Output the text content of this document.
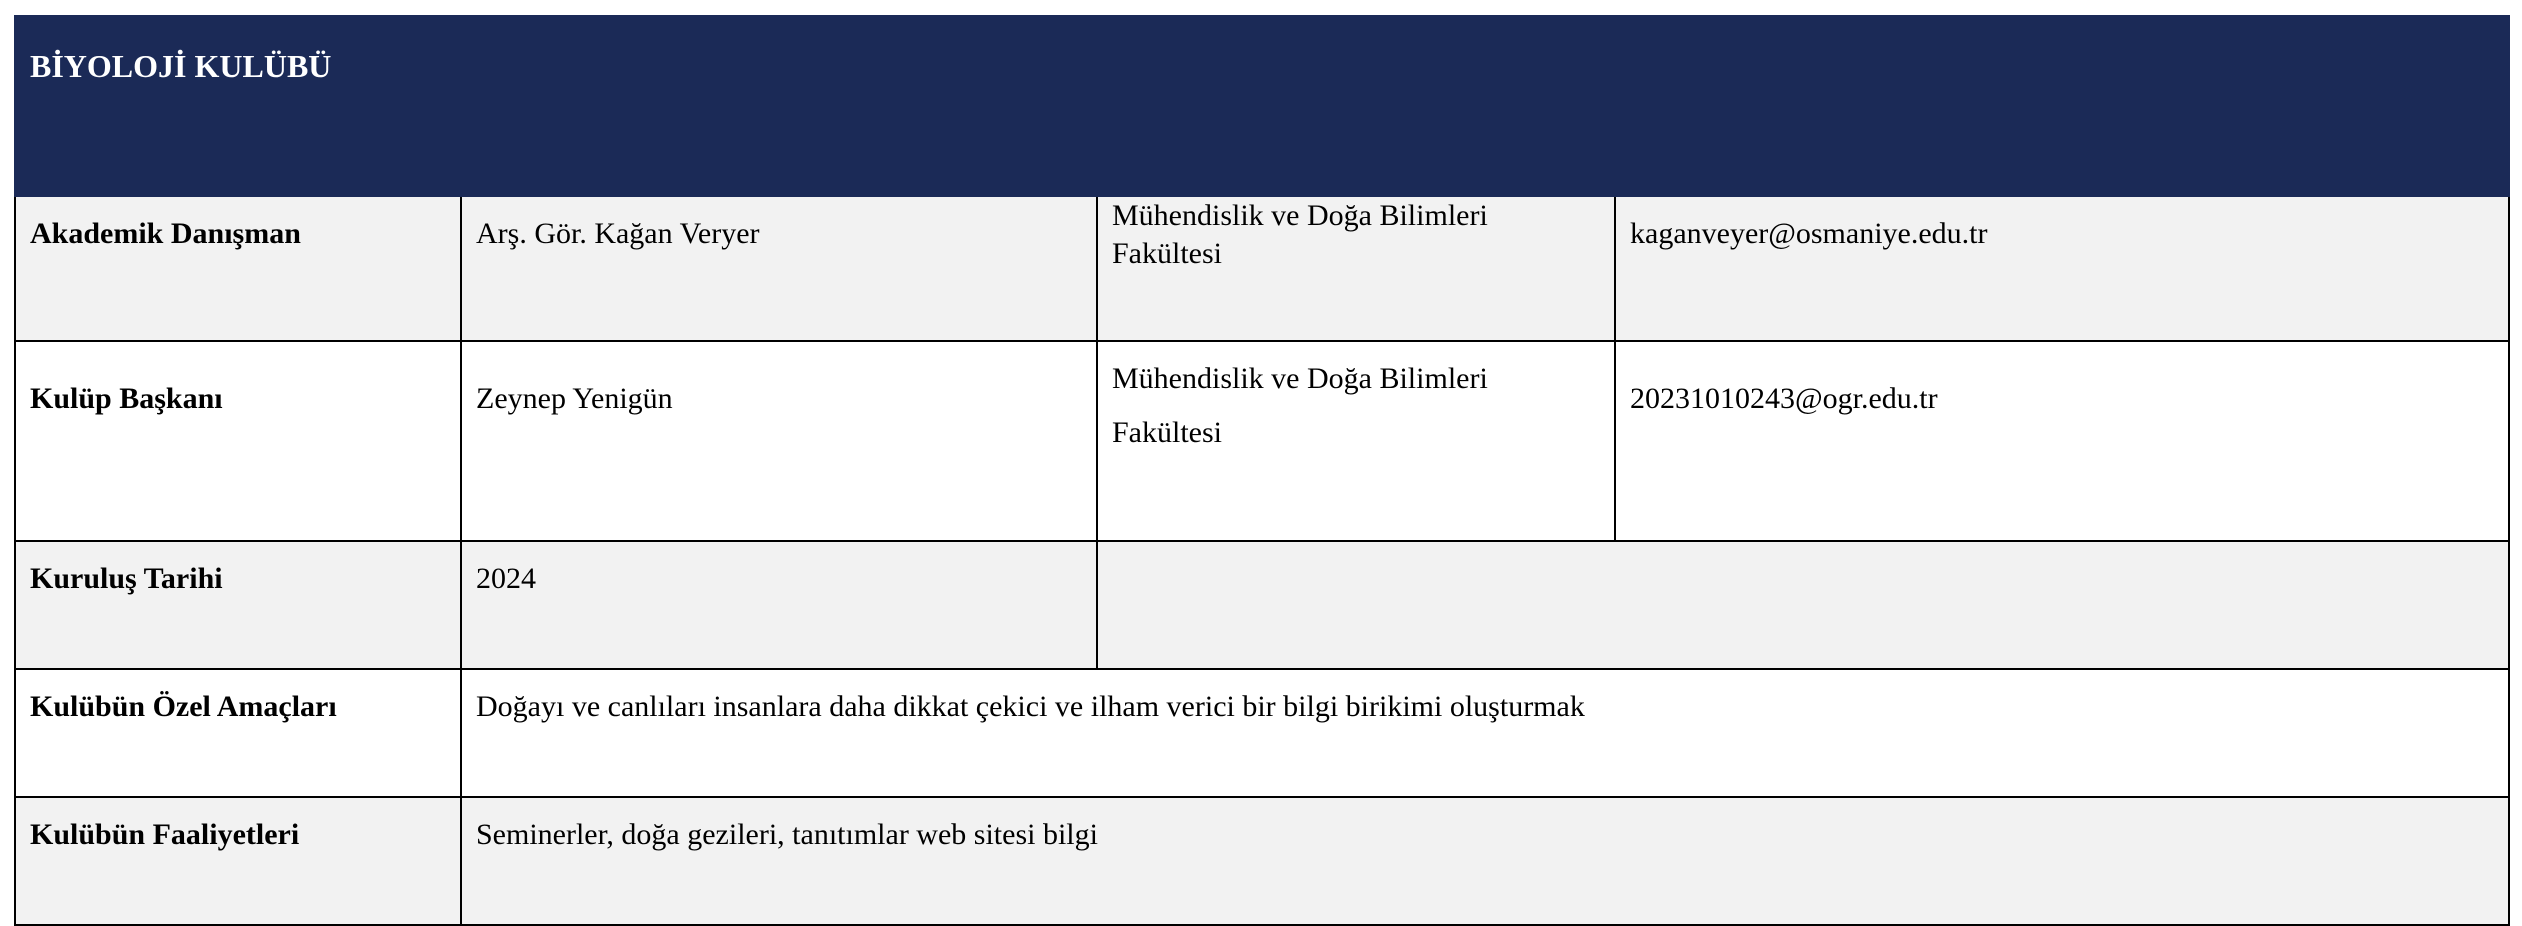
BİYOLOJİ KULÜBÜ			
Akademik Danışman	Arş. Gör. Kağan Veryer	Mühendislik ve Doğa Bilimleri Fakültesi	kaganveyer@osmaniye.edu.tr
Kulüp Başkanı	Zeynep Yenigün	Mühendislik ve Doğa Bilimleri Fakültesi	20231010243@ogr.edu.tr
Kuruluş Tarihi	2024		
Kulübün Özel Amaçları	Doğayı ve canlıları insanlara daha dikkat çekici ve ilham verici bir bilgi birikimi oluşturmak		
Kulübün Faaliyetleri	Seminerler, doğa gezileri, tanıtımlar web sitesi bilgi		
